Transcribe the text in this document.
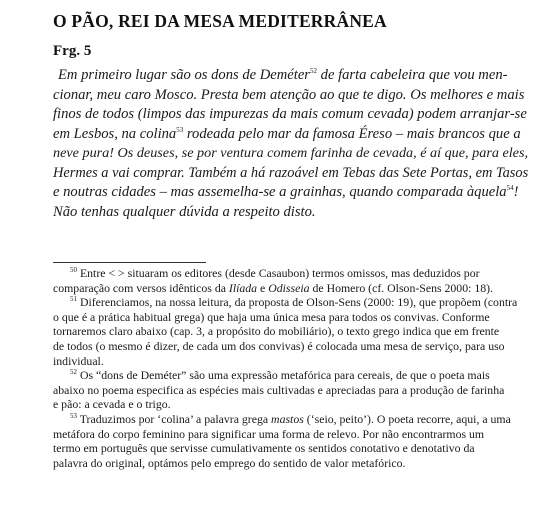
O PÃO, REI DA MESA MEDITERRÂNEA
Frg. 5
Em primeiro lugar são os dons de Deméter$^{52}$ de farta cabeleira que vou men-
cionar, meu caro Mosco. Presta bem atenção ao que te digo. Os melhores e mais
finos de todos (limpos das impurezas da mais comum cevada) podem arranjar-se
em Lesbos, na colina$^{53}$ rodeada pelo mar da famosa Éreso – mais brancos que a
neve pura! Os deuses, se por ventura comem farinha de cevada, é aí que, para eles,
Hermes a vai comprar. Também a há razoável em Tebas das Sete Portas, em Tasos
e noutras cidades – mas assemelha-se a grainhas, quando comparada àquela$^{54}$!
Não tenhas qualquer dúvida a respeito disto.
$^{50}$ Entre < > situaram os editores (desde Casaubon) termos omissos, mas deduzidos por
comparação com versos idênticos da Ilíada e Odisseia de Homero (cf. Olson-Sens 2000: 18).
$^{51}$ Diferenciamos, na nossa leitura, da proposta de Olson-Sens (2000: 19), que propõem (contra
o que é a prática habitual grega) que haja uma única mesa para todos os convivas. Conforme
tornaremos claro abaixo (cap. 3, a propósito do mobiliário), o texto grego indica que em frente
de todos (o mesmo é dizer, de cada um dos convivas) é colocada uma mesa de serviço, para uso
individual.
$^{52}$ Os “dons de Deméter” são uma expressão metafórica para cereais, de que o poeta mais
abaixo no poema especifica as espécies mais cultivadas e apreciadas para a produção de farinha
e pão: a cevada e o trigo.
$^{53}$ Traduzimos por ‘colina’ a palavra grega mastos (‘seio, peito’). O poeta recorre, aqui, a uma
metáfora do corpo feminino para significar uma forma de relevo. Por não encontrarmos um
termo em português que servisse cumulativamente os sentidos conotativo e denotativo da
palavra do original, optámos pelo emprego do sentido de valor metafórico.
